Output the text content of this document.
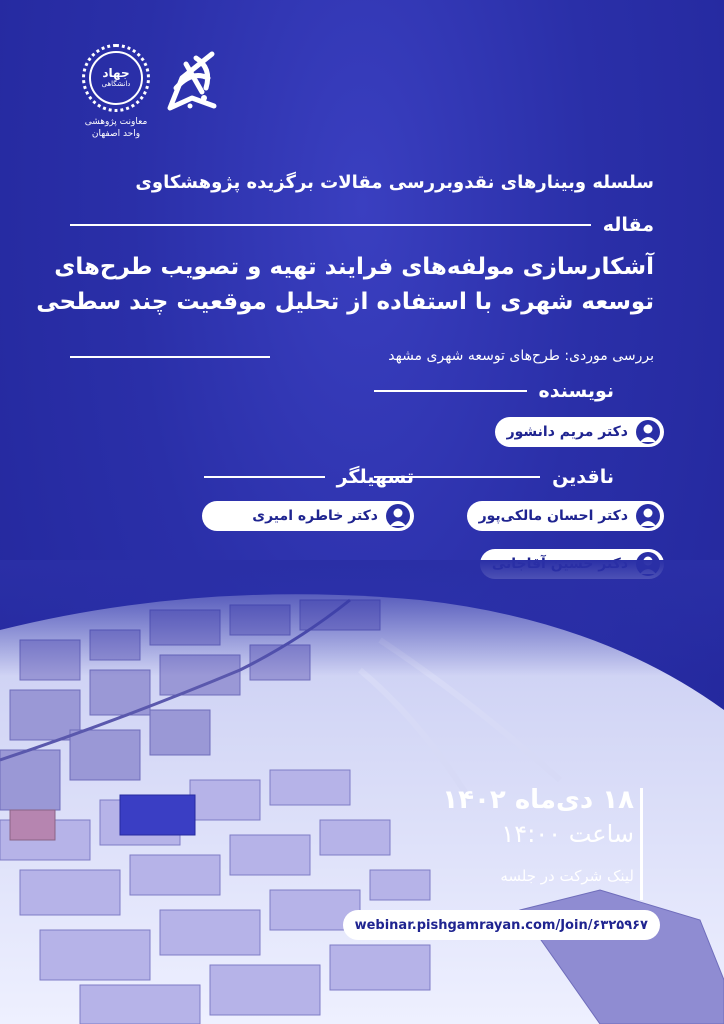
جهاد
دانشگاهی
معاونت پژوهشی
واحد اصفهان
سلسله وبینارهای نقدوبررسی مقالات برگزیده پژوهشکاوی
مقاله
آشکارسازی مولفه‌های فرایند تهیه و تصویب طرح‌های توسعه شهری با استفاده از تحلیل موقعیت چند سطحی
بررسی موردی: طرح‌های توسعه شهری مشهد
نویسنده
دکتر مریم دانشور
ناقدین
دکتر احسان مالکی‌پور
تسهیلگر
دکتر خاطره امیری
۱۸ دی‌ماه ۱۴۰۲
ساعت ۱۴:۰۰
لینک شرکت در جلسه
webinar.pishgamrayan.com/Join/۶۳۲۵۹۶۷
